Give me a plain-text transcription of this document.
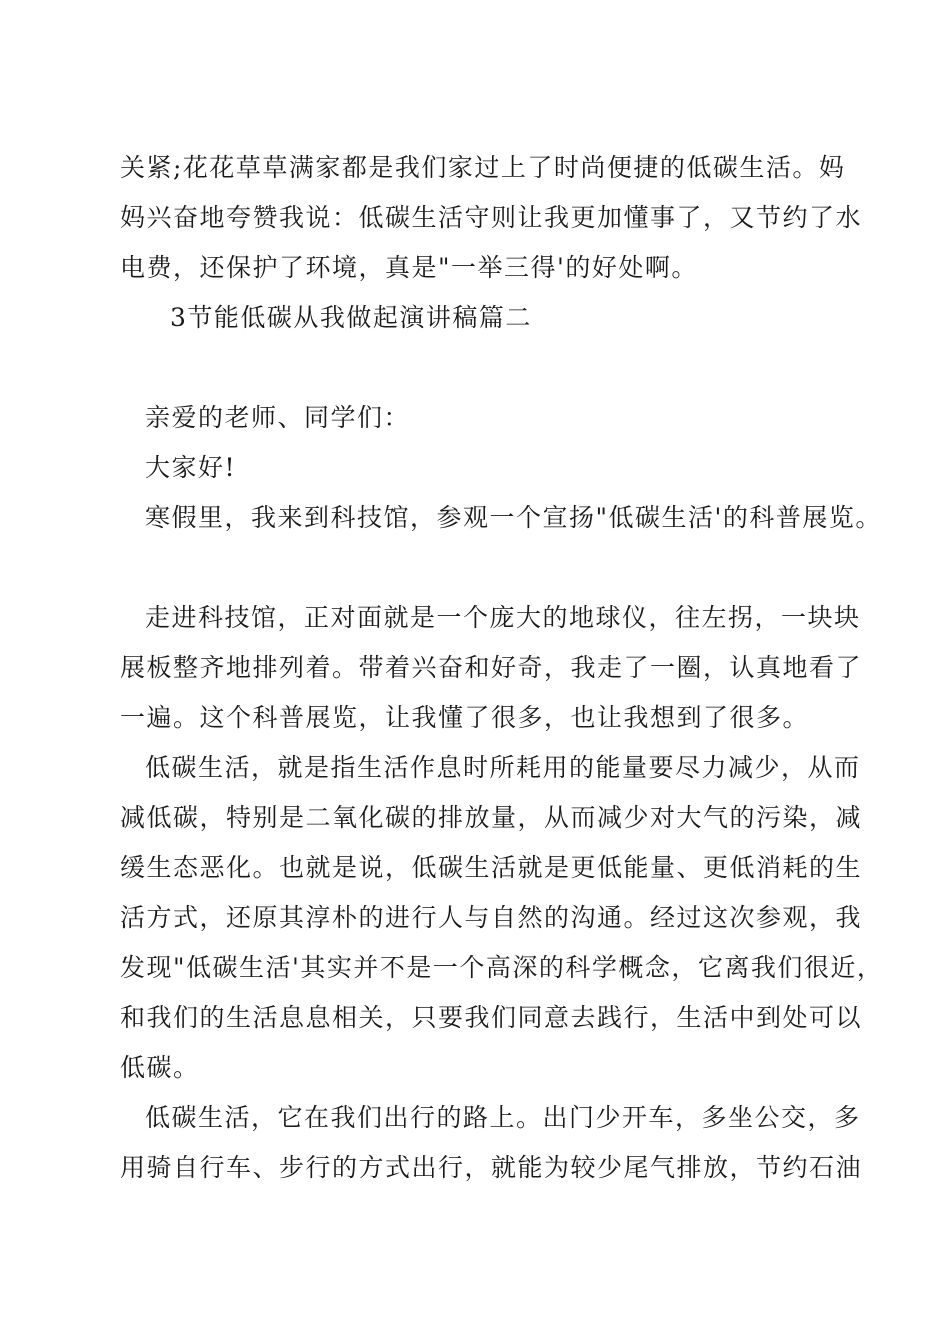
关紧;花花草草满家都是我们家过上了时尚便捷的低碳生活。妈
妈兴奋地夸赞我说：低碳生活守则让我更加懂事了，又节约了水
电费，还保护了环境，真是"一举三得'的好处啊。
3节能低碳从我做起演讲稿篇二
亲爱的老师、同学们：
大家好!
寒假里，我来到科技馆，参观一个宣扬"低碳生活'的科普展览。
走进科技馆，正对面就是一个庞大的地球仪，往左拐，一块块
展板整齐地排列着。带着兴奋和好奇，我走了一圈，认真地看了
一遍。这个科普展览，让我懂了很多，也让我想到了很多。
低碳生活，就是指生活作息时所耗用的能量要尽力减少，从而
减低碳，特别是二氧化碳的排放量，从而减少对大气的污染，减
缓生态恶化。也就是说，低碳生活就是更低能量、更低消耗的生
活方式，还原其淳朴的进行人与自然的沟通。经过这次参观，我
发现"低碳生活'其实并不是一个高深的科学概念，它离我们很近，
和我们的生活息息相关，只要我们同意去践行，生活中到处可以
低碳。
低碳生活，它在我们出行的路上。出门少开车，多坐公交，多
用骑自行车、步行的方式出行，就能为较少尾气排放，节约石油
